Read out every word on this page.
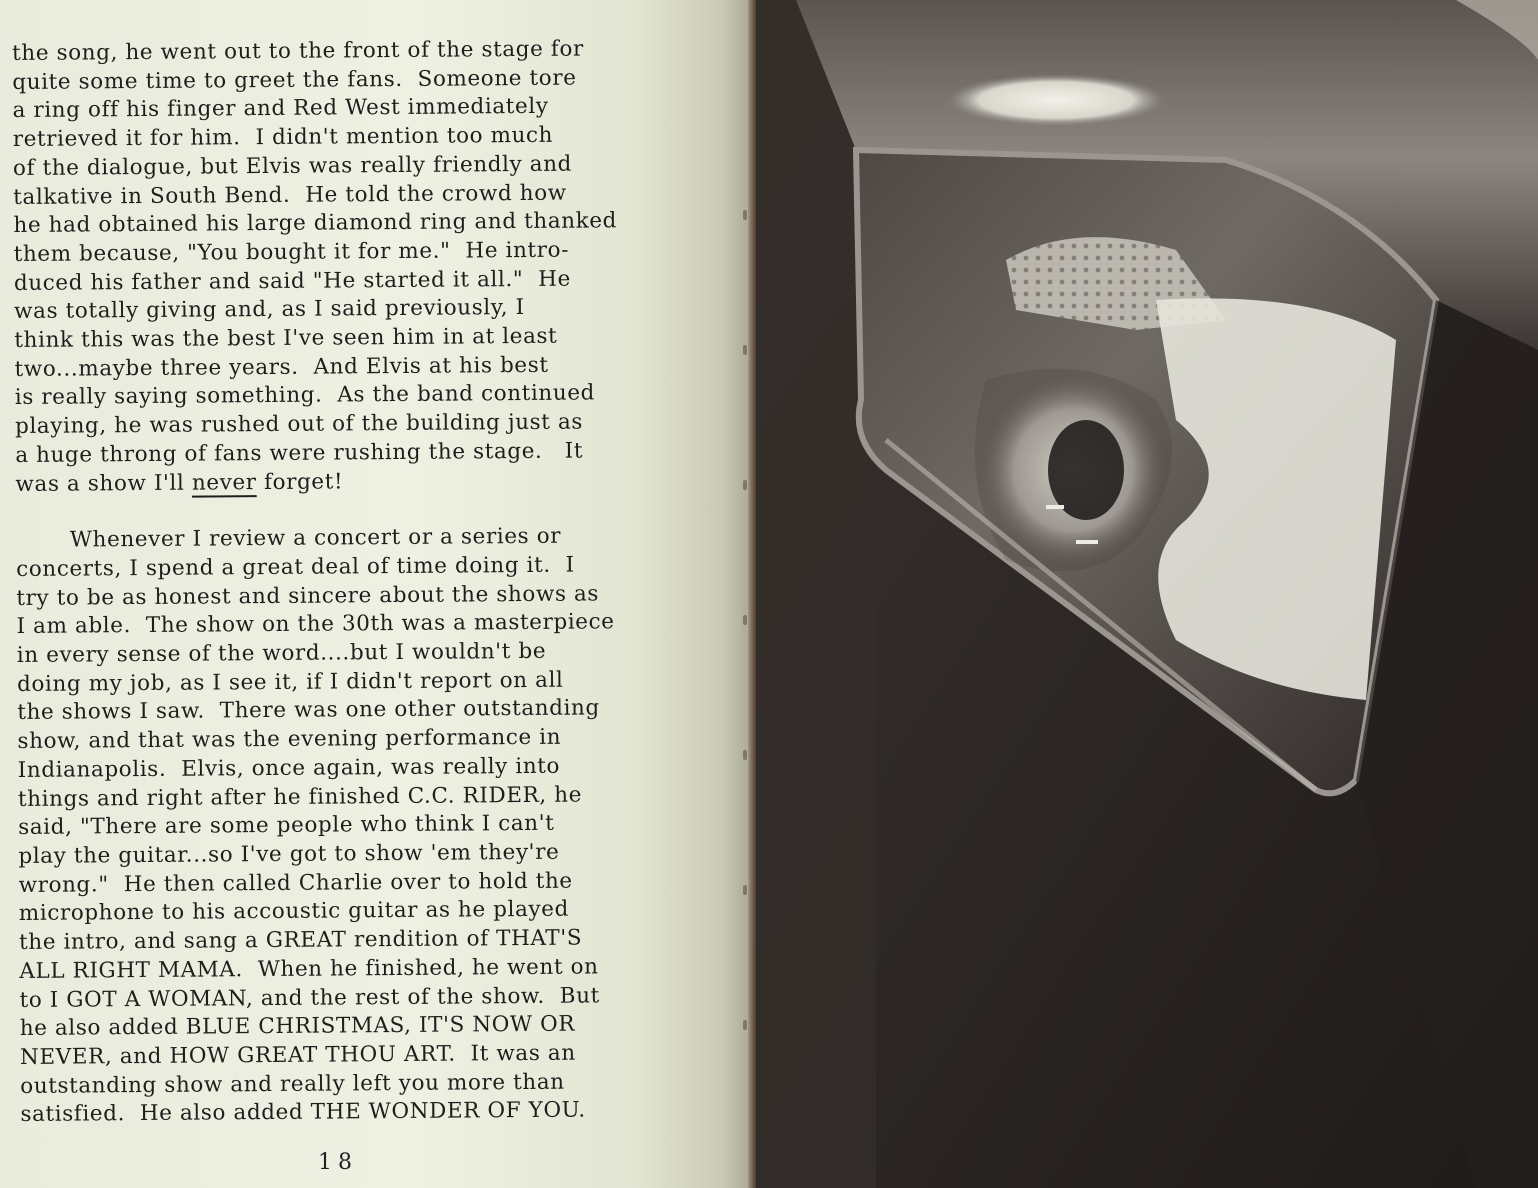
the song, he went out to the front of the stage for
quite some time to greet the fans.  Someone tore
a ring off his finger and Red West immediately
retrieved it for him.  I didn't mention too much
of the dialogue, but Elvis was really friendly and
talkative in South Bend.  He told the crowd how
he had obtained his large diamond ring and thanked
them because, "You bought it for me."  He intro-
duced his father and said "He started it all."  He
was totally giving and, as I said previously, I
think this was the best I've seen him in at least
two...maybe three years.  And Elvis at his best
is really saying something.  As the band continued
playing, he was rushed out of the building just as
a huge throng of fans were rushing the stage.   It
was a show I'll never forget!
Whenever I review a concert or a series or
concerts, I spend a great deal of time doing it.  I
try to be as honest and sincere about the shows as
I am able.  The show on the 30th was a masterpiece
in every sense of the word....but I wouldn't be
doing my job, as I see it, if I didn't report on all
the shows I saw.  There was one other outstanding
show, and that was the evening performance in
Indianapolis.  Elvis, once again, was really into
things and right after he finished C.C. RIDER, he
said, "There are some people who think I can't
play the guitar...so I've got to show 'em they're
wrong."  He then called Charlie over to hold the
microphone to his accoustic guitar as he played
the intro, and sang a GREAT rendition of THAT'S
ALL RIGHT MAMA.  When he finished, he went on
to I GOT A WOMAN, and the rest of the show.  But
he also added BLUE CHRISTMAS, IT'S NOW OR
NEVER, and HOW GREAT THOU ART.  It was an
outstanding show and really left you more than
satisfied.  He also added THE WONDER OF YOU.
18
